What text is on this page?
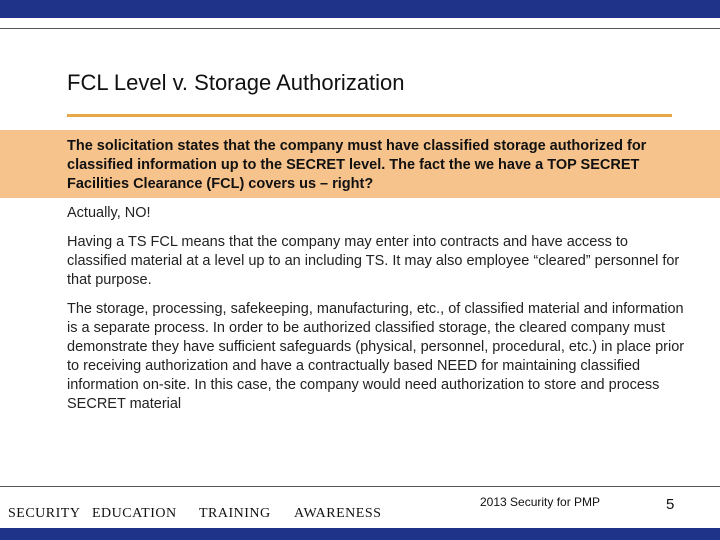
FCL Level v. Storage Authorization
The solicitation states that the company must have classified storage authorized for classified information up to the SECRET level. The fact the we have a TOP SECRET Facilities Clearance (FCL) covers us – right?
Actually, NO!
Having a TS FCL means that the company may enter into contracts and have access to classified material at a level up to an including TS. It may also employee “cleared” personnel for that purpose.
The storage, processing, safekeeping, manufacturing, etc., of classified material and information is a separate process. In order to be authorized classified storage, the cleared company must demonstrate they have sufficient safeguards (physical, personnel, procedural, etc.) in place prior to receiving authorization and have a contractually based NEED for maintaining classified information on-site. In this case, the company would need authorization to store and process SECRET material
SECURITY EDUCATION TRAINING AWARENESS
2013 Security for PMP	5
